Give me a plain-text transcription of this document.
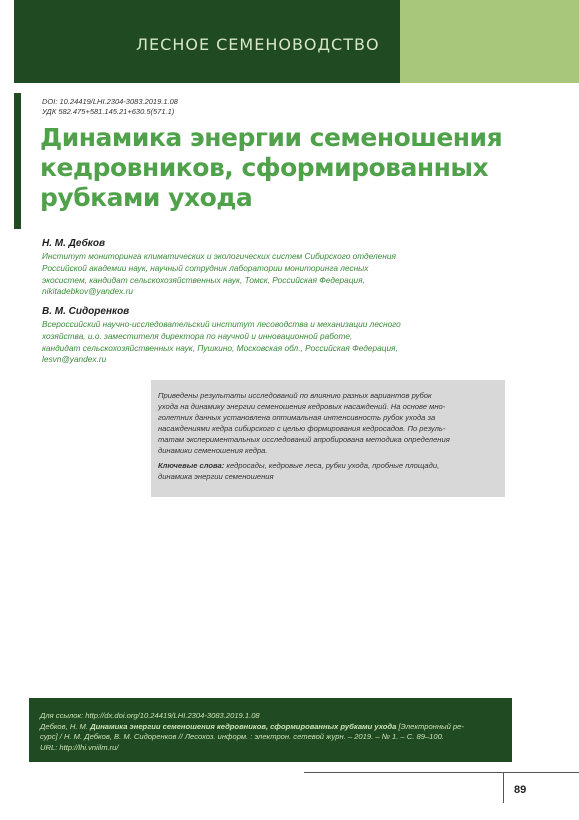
ЛЕСНОЕ СЕМЕНОВОДСТВО
DOI: 10.24419/LHI.2304-3083.2019.1.08
УДК 582.475+581.145.21+630.5(571.1)
Динамика энергии семеношения
кедровников, сформированных
рубками ухода
Н. М. Дебков
Институт мониторинга климатических и экологических систем Сибирского отделения
Российской академии наук, научный сотрудник лаборатории мониторинга лесных
экосистем, кандидат сельскохозяйственных наук, Томск, Российская Федерация,
nikitadebkov@yandex.ru
В. М. Сидоренков
Всероссийский научно-исследовательский институт лесоводства и механизации лесного
хозяйства, и.о. заместителя директора по научной и инновационной работе,
кандидат сельскохозяйственных наук, Пушкино, Московская обл., Российская Федерация,
lesvn@yandex.ru
Приведены результаты исследований по влиянию разных вариантов рубок
ухода на динамику энергии семеношения кедровых насаждений. На основе мно-
голетних данных установлена оптимальная интенсивность рубок ухода за
насаждениями кедра сибирского с целью формирования кедросадов. По резуль-
татам экспериментальных исследований апробирована методика определения
динамики семеношения кедра.
Ключевые слова: кедросады, кедровые леса, рубки ухода, пробные площади,
динамика энергии семеношения
Для ссылок: http://dx.doi.org/10.24419/LHI.2304-3083.2019.1.08
Дебков, Н. М. Динамика энергии семеношения кедровников, сформированных рубками ухода [Электронный ре-
сурс] / Н. М. Дебков, В. М. Сидоренков // Лесохоз. информ. : электрон. сетевой журн. – 2019. – № 1. – С. 89–100.
URL: http://lhi.vniilm.ru/
89
